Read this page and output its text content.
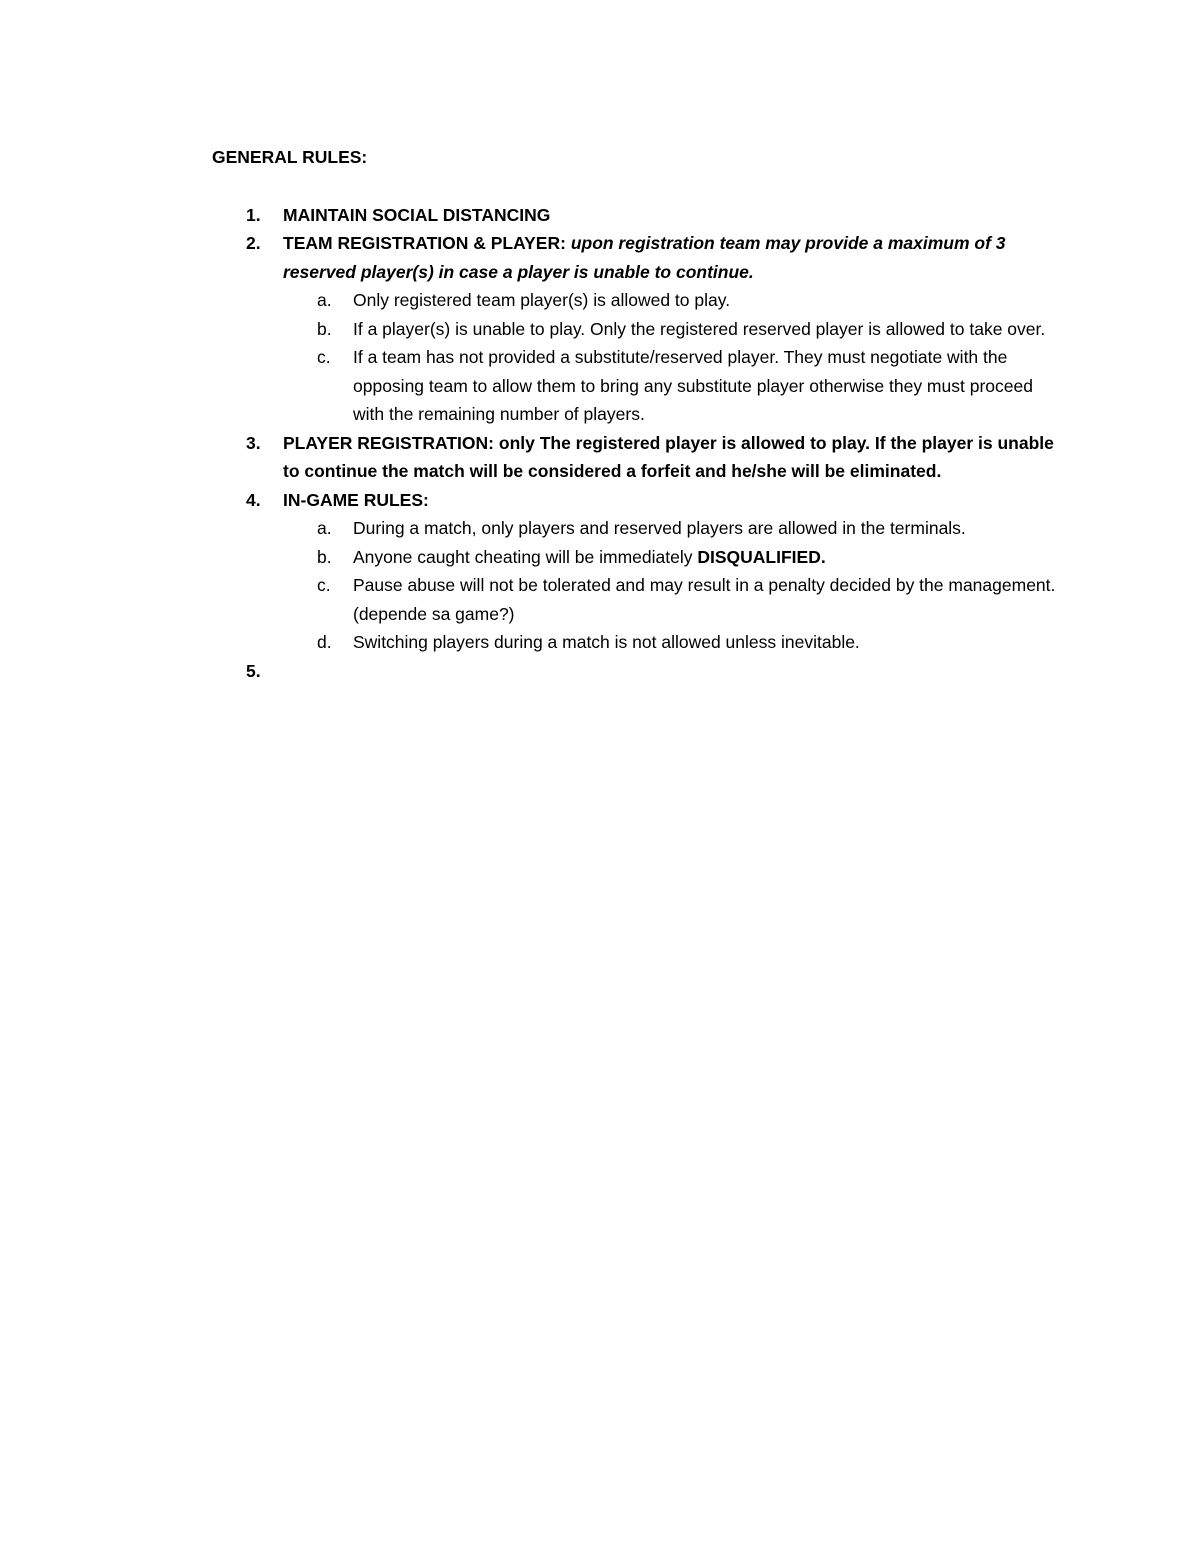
GENERAL RULES:
1. MAINTAIN SOCIAL DISTANCING
2. TEAM REGISTRATION & PLAYER: upon registration team may provide a maximum of 3 reserved player(s) in case a player is unable to continue.
a. Only registered team player(s) is allowed to play.
b. If a player(s) is unable to play. Only the registered reserved player is allowed to take over.
c. If a team has not provided a substitute/reserved player. They must negotiate with the opposing team to allow them to bring any substitute player otherwise they must proceed with the remaining number of players.
3. PLAYER REGISTRATION: only The registered player is allowed to play. If the player is unable to continue the match will be considered a forfeit and he/she will be eliminated.
4. IN-GAME RULES:
a. During a match, only players and reserved players are allowed in the terminals.
b. Anyone caught cheating will be immediately DISQUALIFIED.
c. Pause abuse will not be tolerated and may result in a penalty decided by the management. (depende sa game?)
d. Switching players during a match is not allowed unless inevitable.
5.
